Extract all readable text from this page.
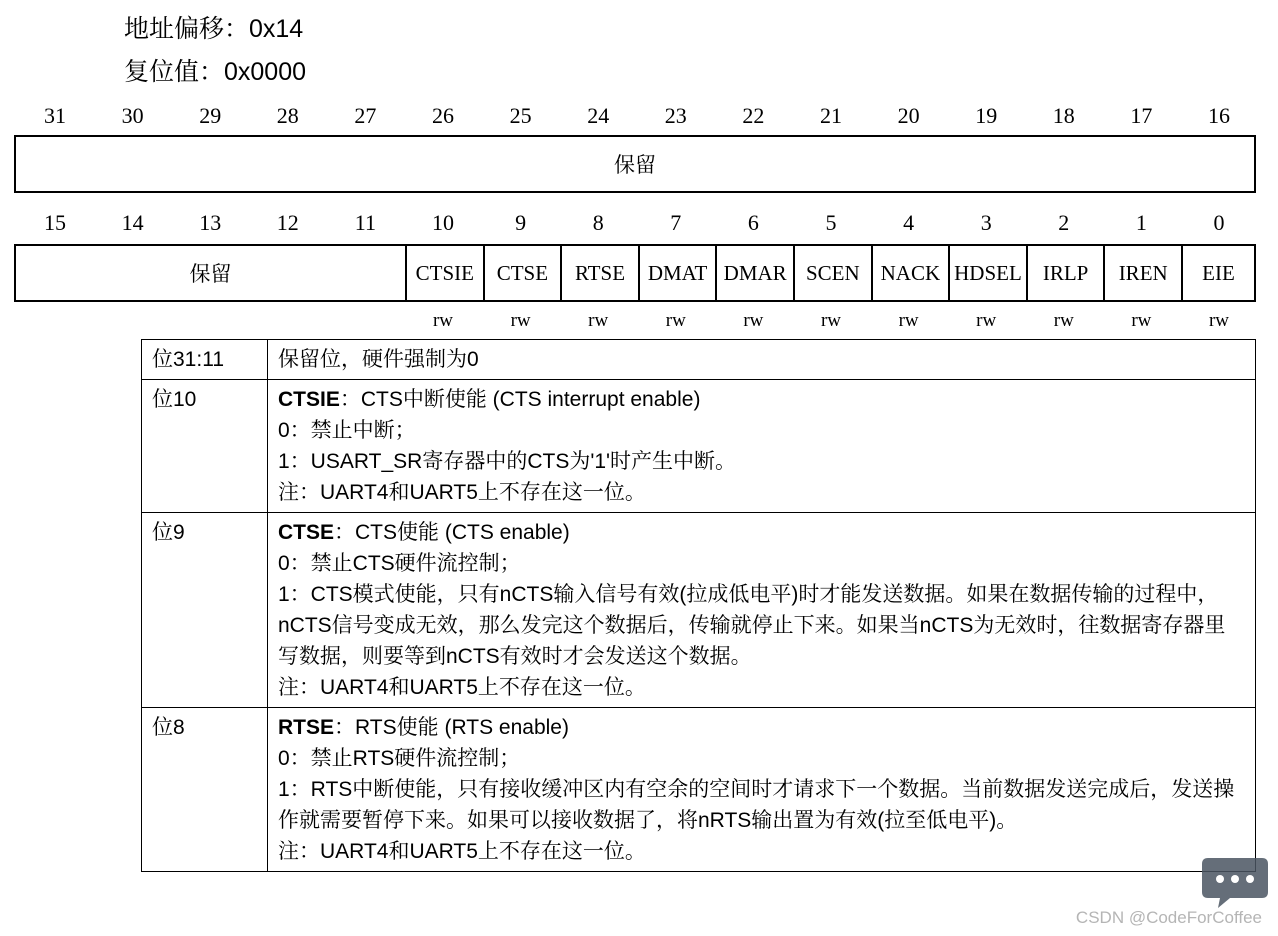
地址偏移：0x14
复位值：0x0000
31	30	29	28	27	26	25	24	23	22	21	20	19	18	17	16
保留
15	14	13	12	11	10	9	8	7	6	5	4	3	2	1	0
保留	CTSIE	CTSE	RTSE	DMAT DMAR SCEN NACK HDSEL	IRLP	IREN	EIE
rw	rw	rw	rw	rw	rw	rw	rw	rw	rw	rw
位31:11	保留位，硬件强制为0

位10	CTSIE：CTS中断使能 (CTS interrupt enable)
0：禁止中断；
1：USART_SR寄存器中的CTS为'1'时产生中断。
注：UART4和UART5上不存在这一位。

位9	CTSE：CTS使能 (CTS enable)
0：禁止CTS硬件流控制；
1：CTS模式使能，只有nCTS输入信号有效(拉成低电平)时才能发送数据。如果在数据传输的过程中，nCTS信号变成无效，那么发完这个数据后，传输就停止下来。如果当nCTS为无效时，往数据寄存器里写数据，则要等到nCTS有效时才会发送这个数据。
注：UART4和UART5上不存在这一位。

位8	RTSE：RTS使能 (RTS enable)
0：禁止RTS硬件流控制；
1：RTS中断使能，只有接收缓冲区内有空余的空间时才请求下一个数据。当前数据发送完成后，发送操作就需要暂停下来。如果可以接收数据了，将nRTS输出置为有效(拉至低电平)。
注：UART4和UART5上不存在这一位。
CSDN @CodeForCoffee
